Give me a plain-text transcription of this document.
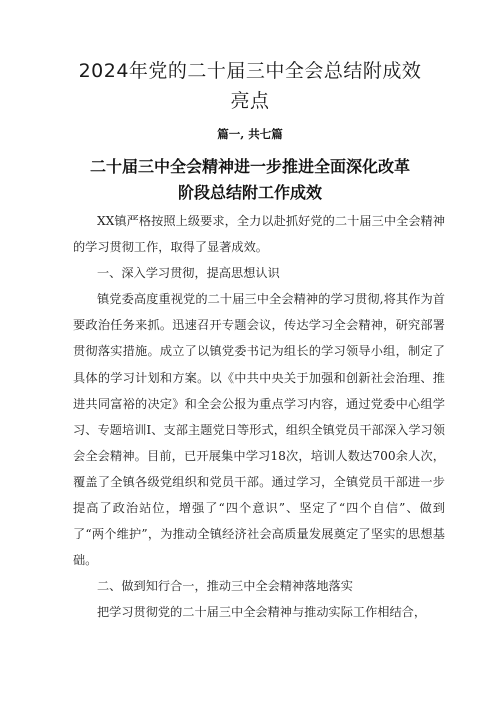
2024年党的二十届三中全会总结附成效亮点
篇一, 共七篇
二十届三中全会精神进一步推进全面深化改革
阶段总结附工作成效

XX镇严格按照上级要求，全力以赴抓好党的二十届三中全会精神的学习贯彻工作，取得了显著成效。

一、深入学习贯彻，提高思想认识

镇党委高度重视党的二十届三中全会精神的学习贯彻,将其作为首要政治任务来抓。迅速召开专题会议，传达学习全会精神，研究部署贯彻落实措施。成立了以镇党委书记为组长的学习领导小组，制定了具体的学习计划和方案。以《中共中央关于加强和创新社会治理、推进共同富裕的决定》和全会公报为重点学习内容，通过党委中心组学习、专题培训I、支部主题党日等形式，组织全镇党员干部深入学习领会全会精神。目前，已开展集中学习18次，培训人数达700余人次，覆盖了全镇各级党组织和党员干部。通过学习，全镇党员干部进一步提高了政治站位，增强了“四个意识”、坚定了“四个自信”、做到了“两个维护”，为推动全镇经济社会高质量发展奠定了坚实的思想基础。

二、做到知行合一，推动三中全会精神落地落实

把学习贯彻党的二十届三中全会精神与推动实际工作相结合，
